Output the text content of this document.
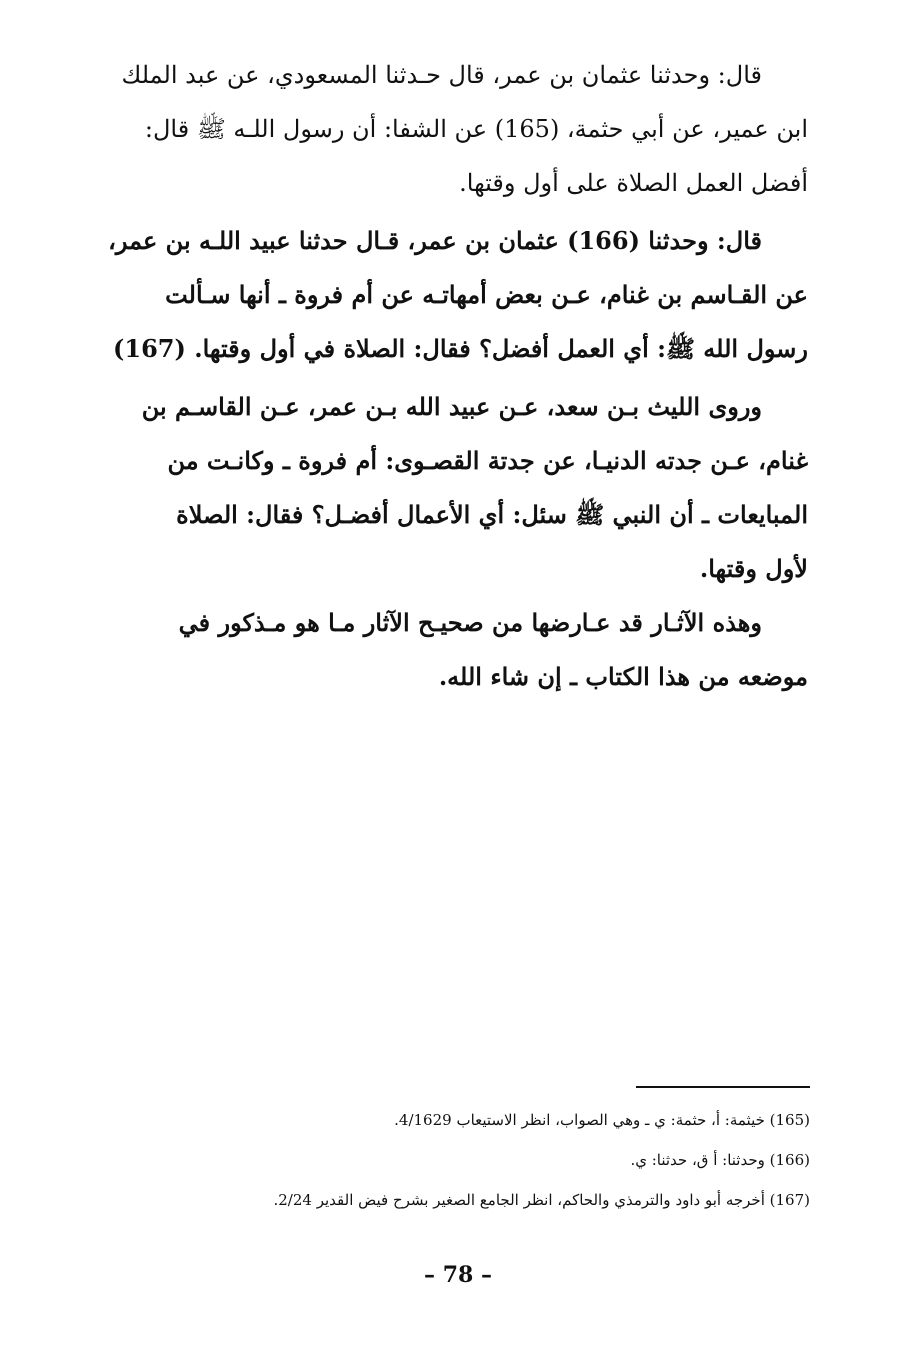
قال: وحدثنا عثمان بن عمر، قال حـدثنا المسعودي، عن عبد الملك
ابن عمير، عن أبي حثمة، (165) عن الشفا: أن رسول اللـه ﷺ قال:
أفضل العمل الصلاة على أول وقتها.
قال: وحدثنا (166) عثمان بن عمر، قـال حدثنا عبيد اللـه بن عمر،
عن القـاسم بن غنام، عـن بعض أمهاتـه عن أم فروة ـ أنها سـألت
رسول الله ﷺ: أي العمل أفضل؟ فقال: الصلاة في أول وقتها. (167)
وروى الليث بـن سعد، عـن عبيد الله بـن عمر، عـن القاسـم بن
غنام، عـن جدته الدنيـا، عن جدتة القصـوى: أم فروة ـ وكانـت من
المبايعات ـ أن النبي ﷺ سئل: أي الأعمال أفضـل؟ فقال: الصلاة
لأول وقتها.
وهذه الآثـار قد عـارضها من صحيـح الآثار مـا هو مـذكور في
موضعه من هذا الكتاب ـ إن شاء الله.
(165) خيثمة: أ، حثمة: ي ـ وهي الصواب، انظر الاستيعاب 4/1629.
(166) وحدثنا: أ ق، حدثنا: ي.
(167) أخرجه أبو داود والترمذي والحاكم، انظر الجامع الصغير بشرح فيض القدير 2/24.
– 78 –
